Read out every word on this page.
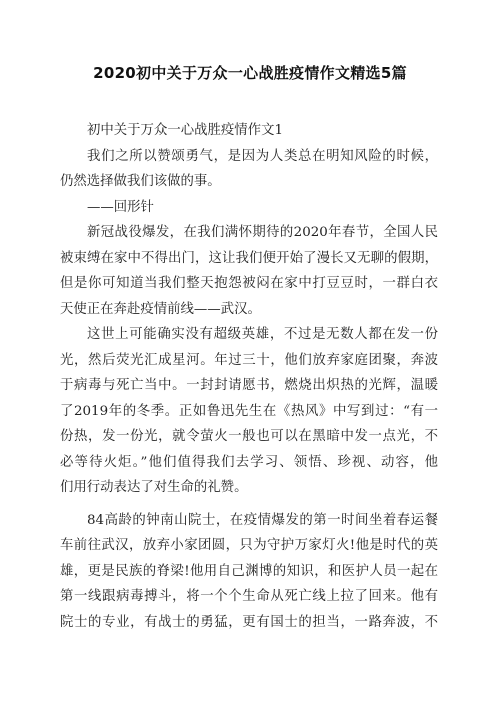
2020初中关于万众一心战胜疫情作文精选5篇
初中关于万众一心战胜疫情作文1
我们之所以赞颂勇气，是因为人类总在明知风险的时候，
仍然选择做我们该做的事。
——回形针
新冠战役爆发，在我们满怀期待的2020年春节，全国人民
被束缚在家中不得出门，这让我们便开始了漫长又无聊的假期，
但是你可知道当我们整天抱怨被闷在家中打豆豆时，一群白衣
天使正在奔赴疫情前线——武汉。
这世上可能确实没有超级英雄，不过是无数人都在发一份
光，然后荧光汇成星河。年过三十，他们放弃家庭团聚，奔波
于病毒与死亡当中。一封封请愿书，燃烧出炽热的光辉，温暖
了2019年的冬季。正如鲁迅先生在《热风》中写到过：“有一
份热，发一份光，就令萤火一般也可以在黑暗中发一点光，不
必等待火炬。”他们值得我们去学习、领悟、珍视、动容，他
们用行动表达了对生命的礼赞。
84高龄的钟南山院士，在疫情爆发的第一时间坐着春运餐
车前往武汉，放弃小家团圆，只为守护万家灯火!他是时代的英
雄，更是民族的脊梁!他用自己渊博的知识，和医护人员一起在
第一线跟病毒搏斗，将一个个生命从死亡线上拉了回来。他有
院士的专业，有战士的勇猛，更有国士的担当，一路奔波，不
